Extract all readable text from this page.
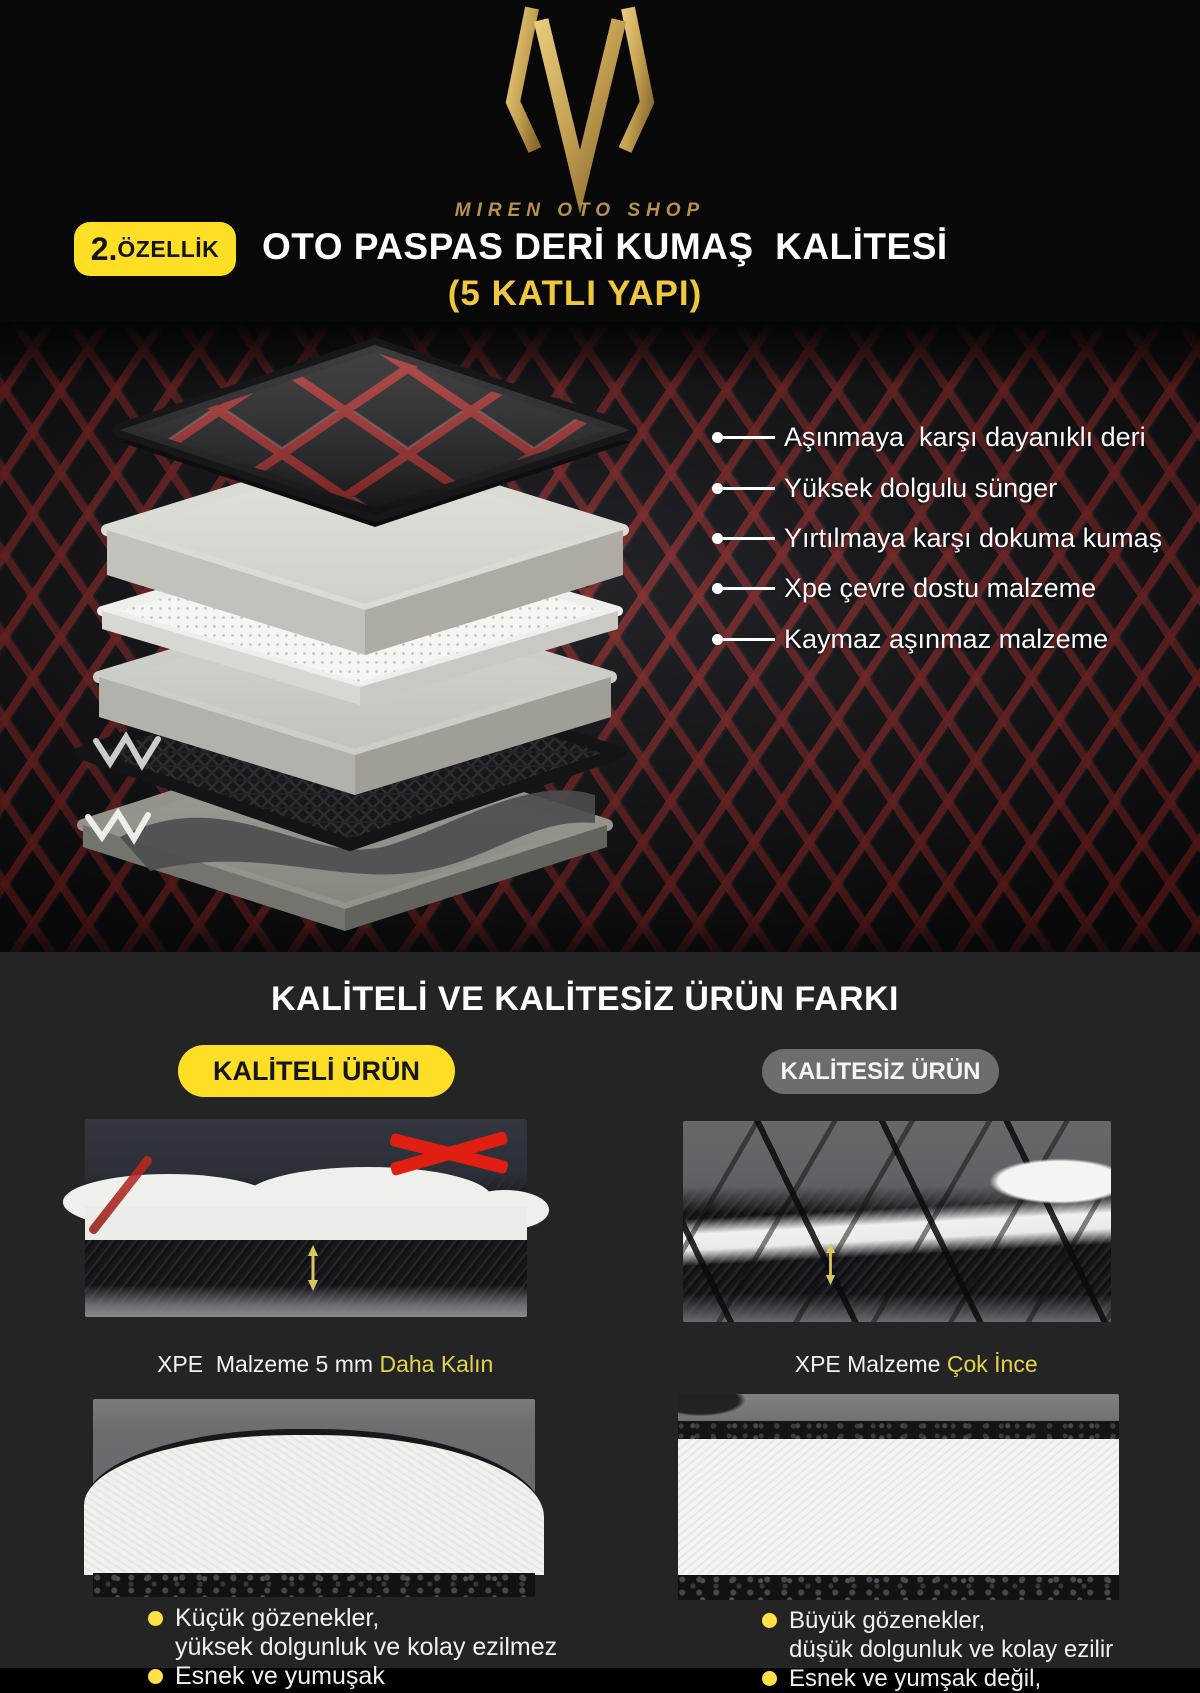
MIREN OTO SHOP
2. ÖZELLİK OTO PASPAS DERİ KUMAŞ  KALİTESİ
(5 KATLI YAPI)
Aşınmaya  karşı dayanıklı deri
Yüksek dolgulu sünger
Yırtılmaya karşı dokuma kumaş
Xpe çevre dostu malzeme
Kaymaz aşınmaz malzeme
KALİTELİ VE KALİTESİZ ÜRÜN FARKI
KALİTELİ ÜRÜN	KALİTESİZ ÜRÜN

XPE  Malzeme 5 mm Daha Kalın
	XPE Malzeme Çok İnce

Küçük gözenekler,
yüksek dolgunluk ve kolay ezilmez
Esnek ve yumuşak
Büyük gözenekler,
düşük dolgunluk ve kolay ezilir
Esnek ve yumşak değil,
